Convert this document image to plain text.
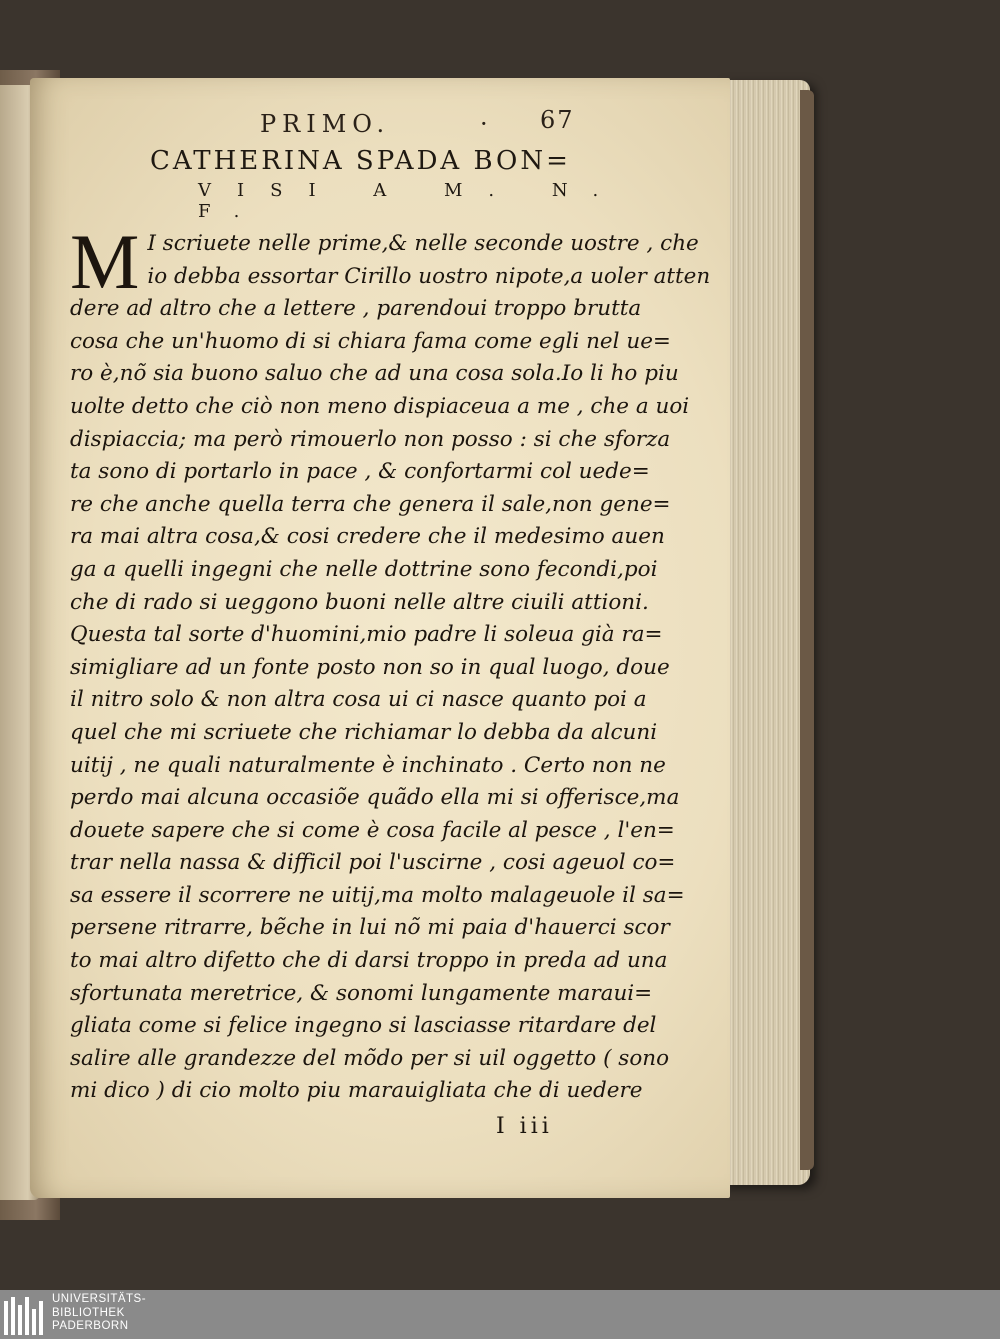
PRIMO.	· 67
CATHERINA SPADA BON=
VISI A M. N. F.
M I scriuete nelle prime,& nelle seconde uostre , che
io debba essortar Cirillo uostro nipote,a uoler atten
dere ad altro che a lettere , parendoui troppo brutta
cosa che un'huomo di si chiara fama come egli nel ue=
ro è,nõ sia buono saluo che ad una cosa sola.Io li ho piu
uolte detto che ciò non meno dispiaceua a me , che a uoi
dispiaccia; ma però rimouerlo non posso : si che sforza
ta sono di portarlo in pace , & confortarmi col uede=
re che anche quella terra che genera il sale,non gene=
ra mai altra cosa,& cosi credere che il medesimo auen
ga a quelli ingegni che nelle dottrine sono fecondi,poi
che di rado si ueggono buoni nelle altre ciuili attioni.
Questa tal sorte d'huomini,mio padre li soleua già ra=
simigliare ad un fonte posto non so in qual luogo, doue
il nitro solo & non altra cosa ui ci nasce quanto poi a
quel che mi scriuete che richiamar lo debba da alcuni
uitij , ne quali naturalmente è inchinato . Certo non ne
perdo mai alcuna occasiõe quãdo ella mi si offerisce,ma
douete sapere che si come è cosa facile al pesce , l'en=
trar nella nassa & difficil poi l'uscirne , cosi ageuol co=
sa essere il scorrere ne uitij,ma molto malageuole il sa=
persene ritrarre, bẽche in lui nõ mi paia d'hauerci scor
to mai altro difetto che di darsi troppo in preda ad una
sfortunata meretrice, & sonomi lungamente maraui=
gliata come si felice ingegno si lasciasse ritardare del
salire alle grandezze del mõdo per si uil oggetto ( sono
mi dico ) di cio molto piu marauigliata che di uedere
I iii
UNIVERSITÄTS-
BIBLIOTHEK
PADERBORN
